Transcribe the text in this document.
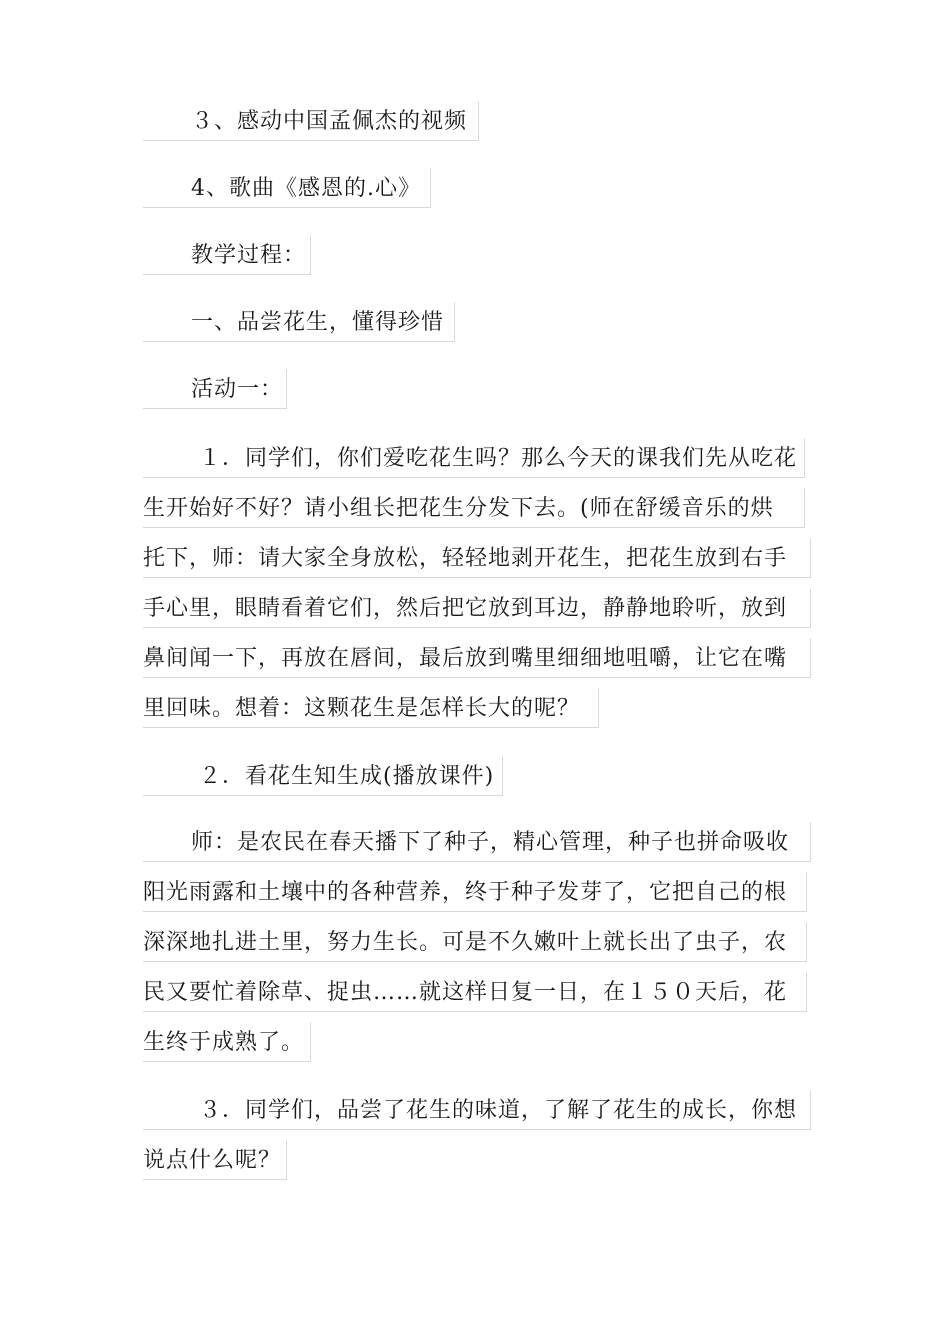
３、感动中国孟佩杰的视频
4、歌曲《感恩的.心》
教学过程：
一、品尝花生，懂得珍惜
活动一：
１．同学们，你们爱吃花生吗？那么今天的课我们先从吃花
生开始好不好？请小组长把花生分发下去。(师在舒缓音乐的烘
托下，师：请大家全身放松，轻轻地剥开花生，把花生放到右手
手心里，眼睛看着它们，然后把它放到耳边，静静地聆听，放到
鼻间闻一下，再放在唇间，最后放到嘴里细细地咀嚼，让它在嘴
里回味。想着：这颗花生是怎样长大的呢？
２．看花生知生成(播放课件)
师：是农民在春天播下了种子，精心管理，种子也拼命吸收
阳光雨露和土壤中的各种营养，终于种子发芽了，它把自己的根
深深地扎进土里，努力生长。可是不久嫩叶上就长出了虫子，农
民又要忙着除草、捉虫……就这样日复一日，在１５０天后，花
生终于成熟了。
３．同学们，品尝了花生的味道，了解了花生的成长，你想
说点什么呢？
